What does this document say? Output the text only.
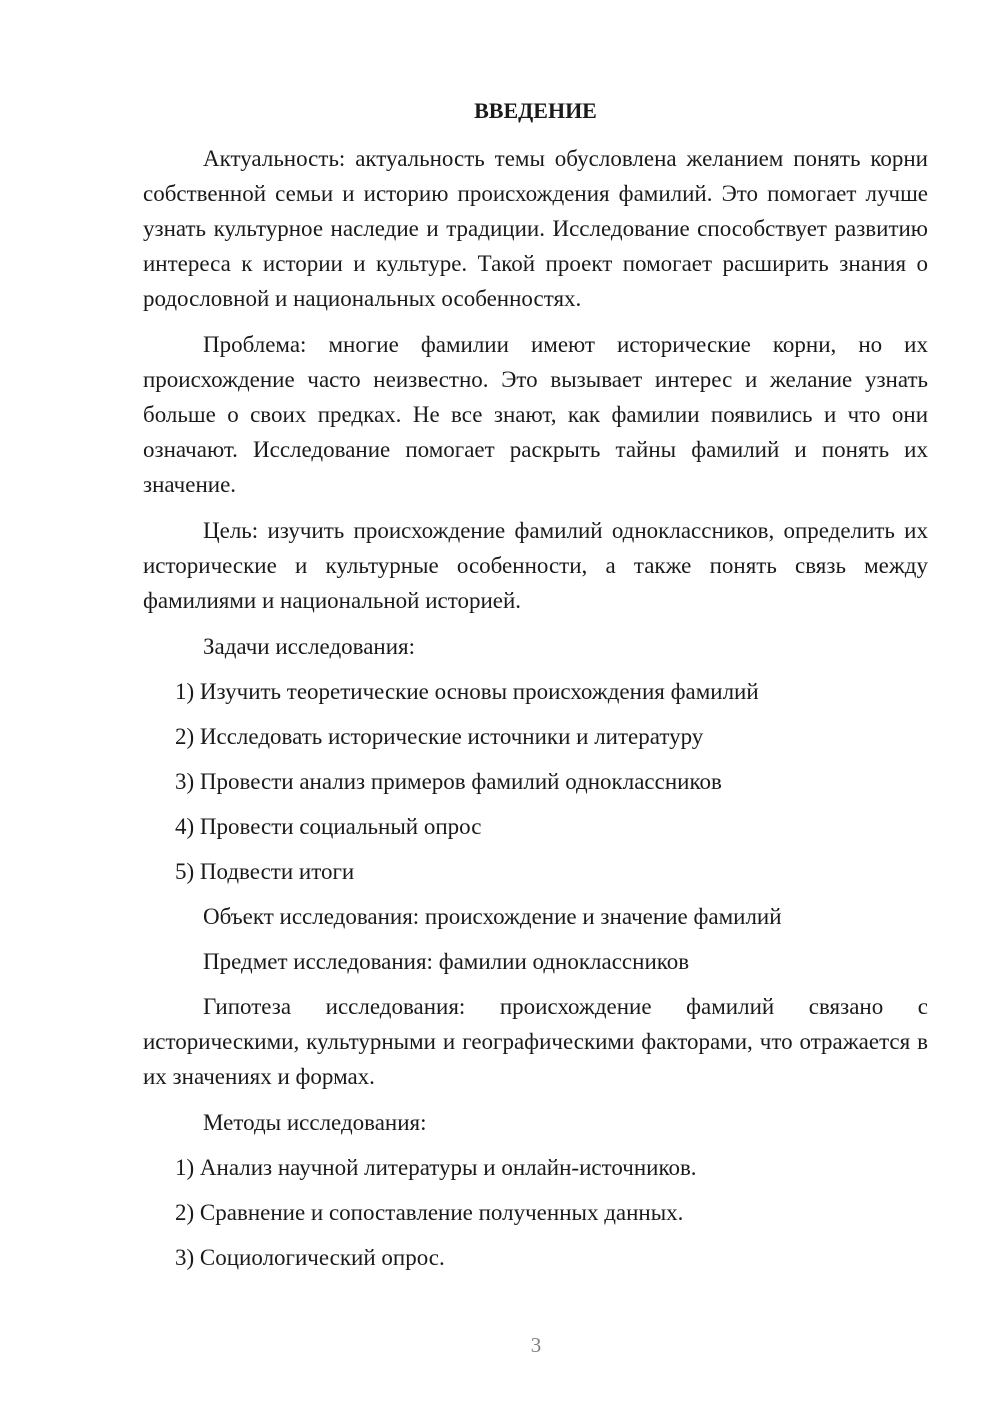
ВВЕДЕНИЕ

Актуальность: актуальность темы обусловлена желанием понять корни собственной семьи и историю происхождения фамилий. Это помогает лучше узнать культурное наследие и традиции. Исследование способствует развитию интереса к истории и культуре. Такой проект помогает расширить знания о родословной и национальных особенностях.

Проблема: многие фамилии имеют исторические корни, но их происхождение часто неизвестно. Это вызывает интерес и желание узнать больше о своих предках. Не все знают, как фамилии появились и что они означают. Исследование помогает раскрыть тайны фамилий и понять их значение.

Цель: изучить происхождение фамилий одноклассников, определить их исторические и культурные особенности, а также понять связь между фамилиями и национальной историей.

Задачи исследования:
1) Изучить теоретические основы происхождения фамилий
2) Исследовать исторические источники и литературу
3) Провести анализ примеров фамилий одноклассников
4) Провести социальный опрос
5) Подвести итоги
Объект исследования: происхождение и значение фамилий
Предмет исследования: фамилии одноклассников

Гипотеза исследования: происхождение фамилий связано с историческими, культурными и географическими факторами, что отражается в их значениях и формах.

Методы исследования:
1) Анализ научной литературы и онлайн-источников.
2) Сравнение и сопоставление полученных данных.
3) Социологический опрос.
3
